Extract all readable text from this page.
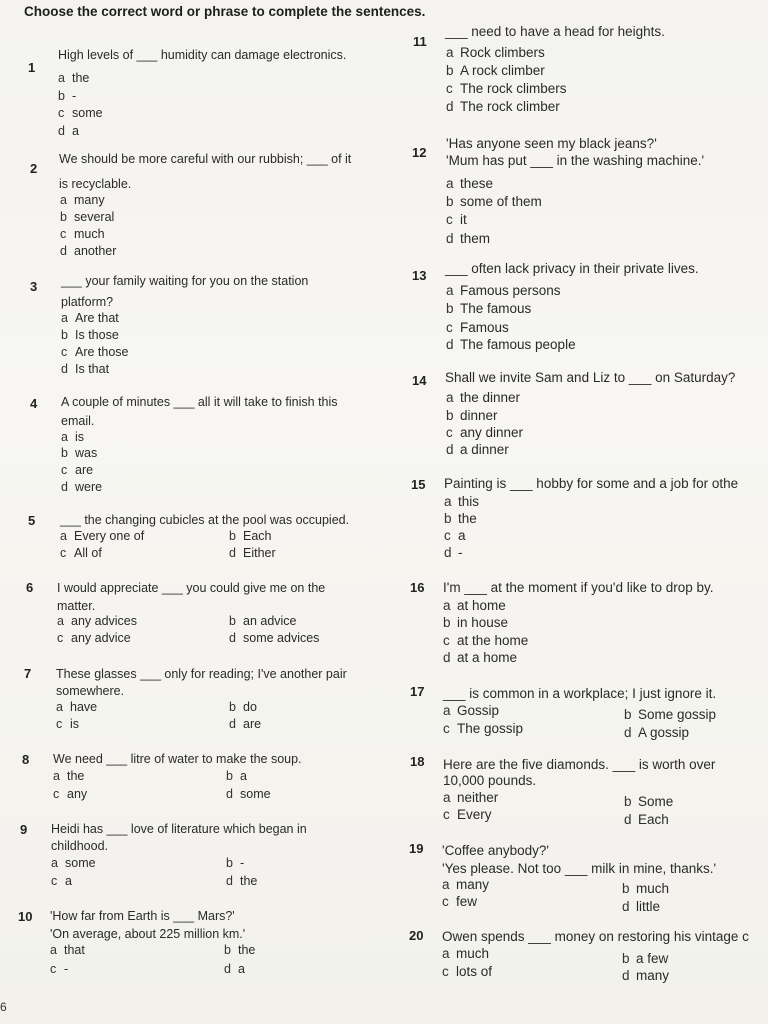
Choose the correct word or phrase to complete the sentences.
1
High levels of ___ humidity can damage electronics.
a the
b -
c some
d a
2
We should be more careful with our rubbish; ___ of it
is recyclable.
a many
b several
c much
d another
3 ___ your family waiting for you on the station
platform?
a Are that
b Is those
c Are those
d Is that
4 A couple of minutes ___ all it will take to finish this
email.
a is
b was
c are
d were
5 ___ the changing cubicles at the pool was occupied.
a Every one of	b Each
c All of	d Either
6 I would appreciate ___ you could give me on the
matter.
a any advices	b an advice
c any advice	d some advices
7 These glasses ___ only for reading; I've another pair
somewhere.
a have	b do
c is	d are
8 We need ___ litre of water to make the soup.
a the	b a
c any	d some
9 Heidi has ___ love of literature which began in
childhood.
a some	b -
c a	d the
10 'How far from Earth is ___ Mars?'
'On average, about 225 million km.'
a that	b the
c -	d a
11
___ need to have a head for heights.
a Rock climbers
b A rock climber
c The rock climbers
d The rock climber
12
'Has anyone seen my black jeans?'
'Mum has put ___ in the washing machine.'
a these
b some of them
c it
d them
13 ___ often lack privacy in their private lives.
a Famous persons
b The famous
c Famous
d The famous people
14 Shall we invite Sam and Liz to ___ on Saturday?
a the dinner
b dinner
c any dinner
d a dinner
15 Painting is ___ hobby for some and a job for othe
a this
b the
c a
d -
16 I'm ___ at the moment if you'd like to drop by.
a at home
b in house
c at the home
d at a home
17 ___ is common in a workplace; I just ignore it.
a Gossip	b Some gossip
c The gossip	d A gossip
18 Here are the five diamonds. ___ is worth over
10,000 pounds.
a neither	b Some
c Every	d Each
19 'Coffee anybody?'
'Yes please. Not too ___ milk in mine, thanks.'
a many	b much
c few	d little
20 Owen spends ___ money on restoring his vintage c
a much	b a few
c lots of	d many
6
